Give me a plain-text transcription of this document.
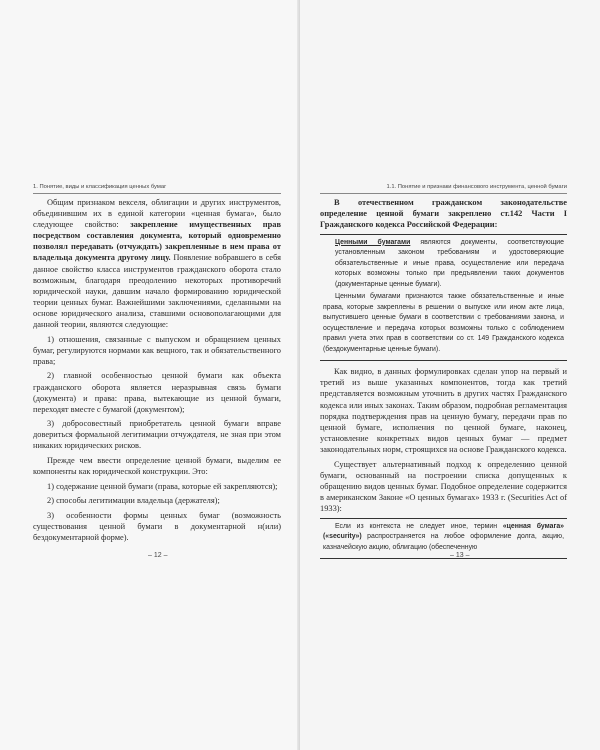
1. Понятие, виды и классификация ценных бумаг

Общим признаком векселя, облигации и других инструментов, объединившим их в единой категории «ценная бумага», было следующее свойство: закрепление имущественных прав посредством составления документа, который одновременно позволял передавать (отчуждать) закрепленные в нем права от владельца документа другому лицу. Появление вобравшего в себя данное свойство класса инструментов гражданского оборота стало возможным, благодаря преодолению некоторых противоречий юридической науки, давшим начало формированию юридической теории ценных бумаг. Важнейшими заключениями, сделанными на основе юридического анализа, ставшими основополагающими для данной теории, являются следующие:

1) отношения, связанные с выпуском и обращением ценных бумаг, регулируются нормами как вещного, так и обязательственного права;

2) главной особенностью ценной бумаги как объекта гражданского оборота является неразрывная связь бумаги (документа) и права: права, вытекающие из ценной бумаги, переходят вместе с бумагой (документом);

3) добросовестный приобретатель ценной бумаги вправе довериться формальной легитимации отчуждателя, не зная при этом никаких юридических рисков.

Прежде чем ввести определение ценной бумаги, выделим ее компоненты как юридической конструкции. Это:

1) содержание ценной бумаги (права, которые ей закрепляются);

2) способы легитимации владельца (держателя);

3) особенности формы ценных бумаг (возможность существования ценной бумаги в документарной н(или) бездокументарной форме).

– 12 –
1.1. Понятие и признаки финансового инструмента, ценной бумаги

В отечественном гражданском законодательстве определение ценной бумаги закреплено ст.142 Части I Гражданского кодекса Российской Федерации:

Ценными бумагами являются документы, соответствующие установленным законом требованиям и удостоверяющие обязательственные и иные права, осуществление или передача которых возможны только при предъявлении таких документов (документарные ценные бумаги).

Ценными бумагами признаются также обязательственные и иные права, которые закреплены в решении о выпуске или ином акте лица, выпустившего ценные бумаги в соответствии с требованиями закона, и осуществление и передача которых возможны только с соблюдением правил учета этих прав в соответствии со ст. 149 Гражданского кодекса (бездокументарные ценные бумаги).

Как видно, в данных формулировках сделан упор на первый и третий из выше указанных компонентов, тогда как третий представляется возможным уточнить в других частях Гражданского кодекса или иных законах. Таким образом, подробная регламентация порядка подтверждения прав на ценную бумагу, передачи прав по ценной бумаге, исполнения по ценной бумаге, наконец, установление конкретных видов ценных бумаг — предмет законодательных норм, строящихся на основе Гражданского кодекса.

Существует альтернативный подход к определению ценной бумаги, основанный на построении списка допущенных к обращению видов ценных бумаг. Подобное определение содержится в американском Законе «О ценных бумагах» 1933 г. (Securities Act of 1933):

Если из контекста не следует иное, термин «ценная бумага» («security») распространяется на любое оформление долга, акцию, казначейскую акцию, облигацию (обеспеченную

– 13 –
